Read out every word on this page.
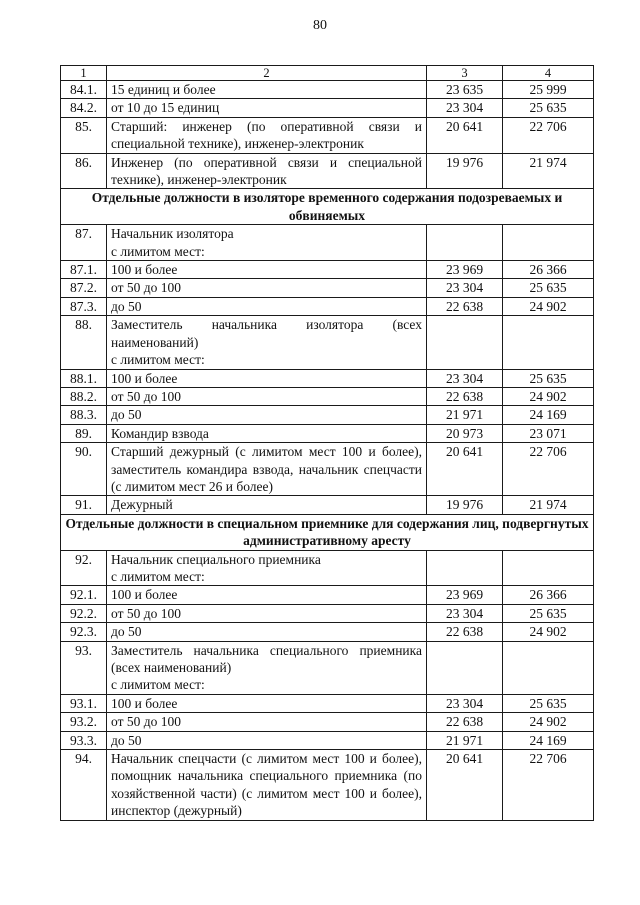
80
1	2	3	4
84.1.	15 единиц и более	23 635	25 999
84.2.	от 10 до 15 единиц	23 304	25 635
85.	Старший: инженер (по оперативной связи и специальной технике), инженер-электроник	20 641	22 706
86.	Инженер (по оперативной связи и специальной технике), инженер-электроник	19 976	21 974
Отдельные должности в изоляторе временного содержания подозреваемых и обвиняемых			
87.	Начальник изолятора
с лимитом мест:		
87.1.	100 и более	23 969	26 366
87.2.	от 50 до 100	23 304	25 635
87.3.	до 50	22 638	24 902
88.	Заместитель начальника изолятора (всех наименований)
с лимитом мест:		
88.1.	100 и более	23 304	25 635
88.2.	от 50 до 100	22 638	24 902
88.3.	до 50	21 971	24 169
89.	Командир взвода	20 973	23 071
90.	Старший дежурный (с лимитом мест 100 и более), заместитель командира взвода, начальник спецчасти (с лимитом мест 26 и более)	20 641	22 706
91.	Дежурный	19 976	21 974
Отдельные должности в специальном приемнике для содержания лиц, подвергнутых административному аресту			
92.	Начальник специального приемника
с лимитом мест:		
92.1.	100 и более	23 969	26 366
92.2.	от 50 до 100	23 304	25 635
92.3.	до 50	22 638	24 902
93.	Заместитель начальника специального приемника (всех наименований)
с лимитом мест:		
93.1.	100 и более	23 304	25 635
93.2.	от 50 до 100	22 638	24 902
93.3.	до 50	21 971	24 169
94.	Начальник спецчасти (с лимитом мест 100 и более), помощник начальника специального приемника (по хозяйственной части) (с лимитом мест 100 и более), инспектор (дежурный)	20 641	22 706
